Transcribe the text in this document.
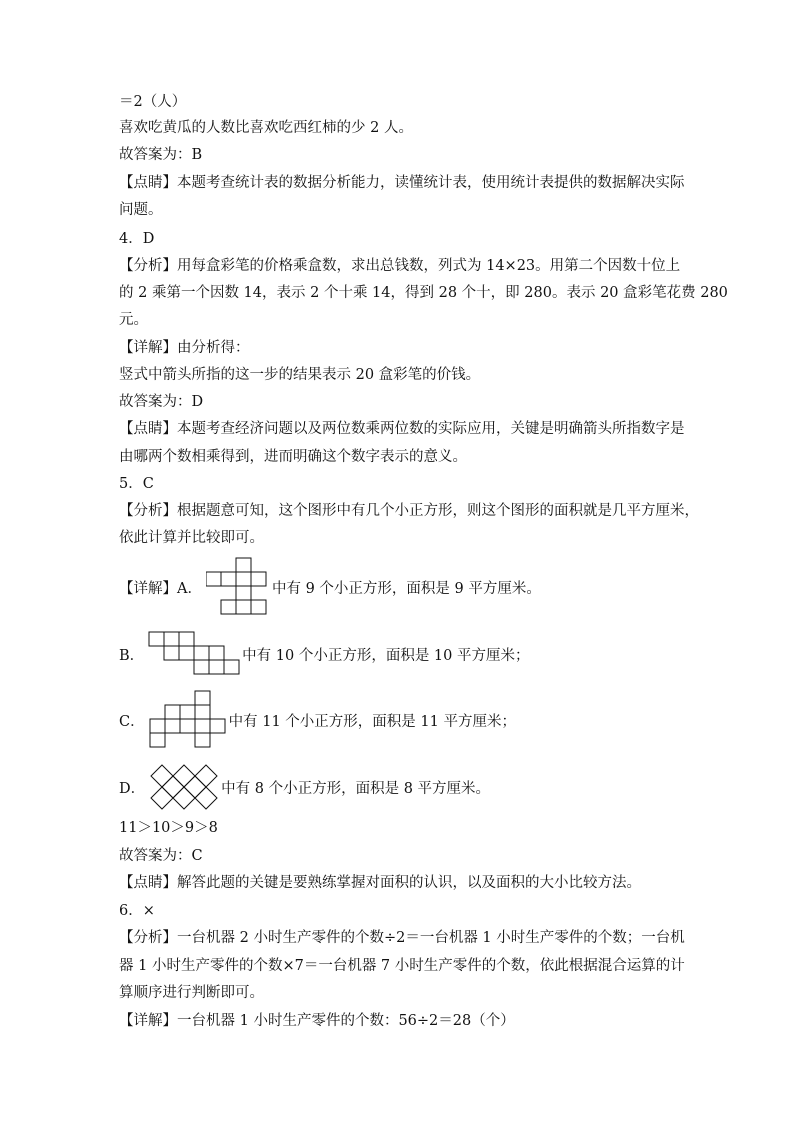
＝2（人）
喜欢吃黄瓜的人数比喜欢吃西红柿的少 2 人。
故答案为：B
【点睛】本题考查统计表的数据分析能力，读懂统计表，使用统计表提供的数据解决实际
问题。
4．D
【分析】用每盒彩笔的价格乘盒数，求出总钱数，列式为 14×23。用第二个因数十位上
的 2 乘第一个因数 14，表示 2 个十乘 14，得到 28 个十，即 280。表示 20 盒彩笔花费 280
元。
【详解】由分析得：
竖式中箭头所指的这一步的结果表示 20 盒彩笔的价钱。
故答案为：D
【点睛】本题考查经济问题以及两位数乘两位数的实际应用，关键是明确箭头所指数字是
由哪两个数相乘得到，进而明确这个数字表示的意义。
5．C
【分析】根据题意可知，这个图形中有几个小正方形，则这个图形的面积就是几平方厘米，
依此计算并比较即可。
【详解】A．	中有 9 个小正方形，面积是 9 平方厘米。
B．	中有 10 个小正方形，面积是 10 平方厘米；
C．	中有 11 个小正方形，面积是 11 平方厘米；
D．	中有 8 个小正方形，面积是 8 平方厘米。
11＞10＞9＞8
故答案为：C
【点睛】解答此题的关键是要熟练掌握对面积的认识，以及面积的大小比较方法。
6．×
【分析】一台机器 2 小时生产零件的个数÷2＝一台机器 1 小时生产零件的个数；一台机
器 1 小时生产零件的个数×7＝一台机器 7 小时生产零件的个数，依此根据混合运算的计
算顺序进行判断即可。
【详解】一台机器 1 小时生产零件的个数：56÷2＝28（个）
